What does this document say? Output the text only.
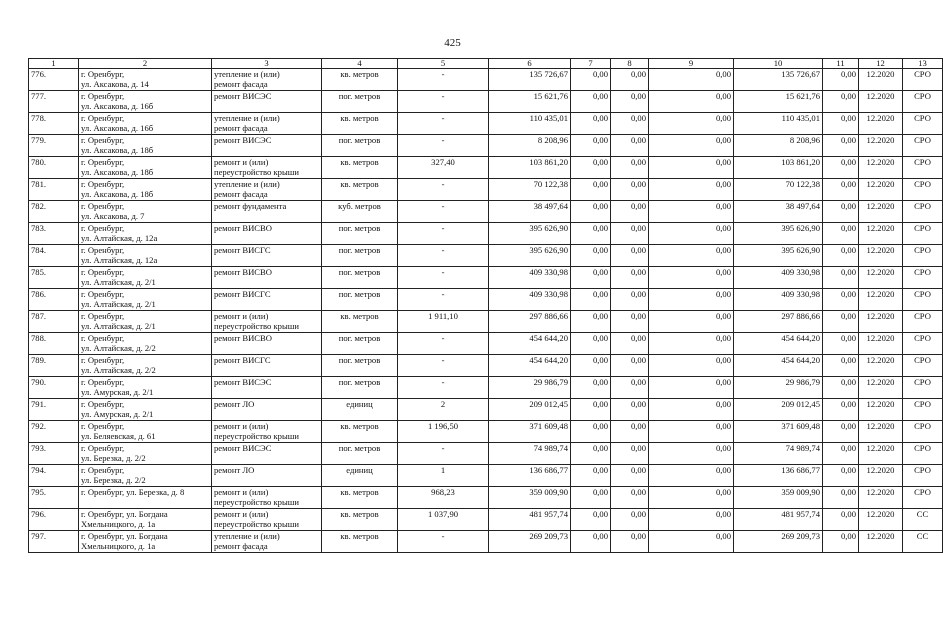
425
1	2	3	4	5	6	7	8	9	10	11	12	13
776.	г. Оренбург,
ул. Аксакова, д. 14	утепление и (или)
ремонт фасада	кв. метров	-	135 726,67	0,00	0,00	0,00	135 726,67	0,00	12.2020	СРО
777.	г. Оренбург,
ул. Аксакова, д. 16б	ремонт ВИСЭС	пог. метров	-	15 621,76	0,00	0,00	0,00	15 621,76	0,00	12.2020	СРО
778.	г. Оренбург,
ул. Аксакова, д. 16б	утепление и (или)
ремонт фасада	кв. метров	-	110 435,01	0,00	0,00	0,00	110 435,01	0,00	12.2020	СРО
779.	г. Оренбург,
ул. Аксакова, д. 18б	ремонт ВИСЭС	пог. метров	-	8 208,96	0,00	0,00	0,00	8 208,96	0,00	12.2020	СРО
780.	г. Оренбург,
ул. Аксакова, д. 18б	ремонт и (или)
переустройство крыши	кв. метров	327,40	103 861,20	0,00	0,00	0,00	103 861,20	0,00	12.2020	СРО
781.	г. Оренбург,
ул. Аксакова, д. 18б	утепление и (или)
ремонт фасада	кв. метров	-	70 122,38	0,00	0,00	0,00	70 122,38	0,00	12.2020	СРО
782.	г. Оренбург,
ул. Аксакова, д. 7	ремонт фундамента	куб. метров	-	38 497,64	0,00	0,00	0,00	38 497,64	0,00	12.2020	СРО
783.	г. Оренбург,
ул. Алтайская, д. 12а	ремонт ВИСВО	пог. метров	-	395 626,90	0,00	0,00	0,00	395 626,90	0,00	12.2020	СРО
784.	г. Оренбург,
ул. Алтайская, д. 12а	ремонт ВИСГС	пог. метров	-	395 626,90	0,00	0,00	0,00	395 626,90	0,00	12.2020	СРО
785.	г. Оренбург,
ул. Алтайская, д. 2/1	ремонт ВИСВО	пог. метров	-	409 330,98	0,00	0,00	0,00	409 330,98	0,00	12.2020	СРО
786.	г. Оренбург,
ул. Алтайская, д. 2/1	ремонт ВИСГС	пог. метров	-	409 330,98	0,00	0,00	0,00	409 330,98	0,00	12.2020	СРО
787.	г. Оренбург,
ул. Алтайская, д. 2/1	ремонт и (или)
переустройство крыши	кв. метров	1 911,10	297 886,66	0,00	0,00	0,00	297 886,66	0,00	12.2020	СРО
788.	г. Оренбург,
ул. Алтайская, д. 2/2	ремонт ВИСВО	пог. метров	-	454 644,20	0,00	0,00	0,00	454 644,20	0,00	12.2020	СРО
789.	г. Оренбург,
ул. Алтайская, д. 2/2	ремонт ВИСГС	пог. метров	-	454 644,20	0,00	0,00	0,00	454 644,20	0,00	12.2020	СРО
790.	г. Оренбург,
ул. Амурская, д. 2/1	ремонт ВИСЭС	пог. метров	-	29 986,79	0,00	0,00	0,00	29 986,79	0,00	12.2020	СРО
791.	г. Оренбург,
ул. Амурская, д. 2/1	ремонт ЛО	единиц	2	209 012,45	0,00	0,00	0,00	209 012,45	0,00	12.2020	СРО
792.	г. Оренбург,
ул. Беляевская, д. 61	ремонт и (или)
переустройство крыши	кв. метров	1 196,50	371 609,48	0,00	0,00	0,00	371 609,48	0,00	12.2020	СРО
793.	г. Оренбург,
ул. Березка, д. 2/2	ремонт ВИСЭС	пог. метров	-	74 989,74	0,00	0,00	0,00	74 989,74	0,00	12.2020	СРО
794.	г. Оренбург,
ул. Березка, д. 2/2	ремонт ЛО	единиц	1	136 686,77	0,00	0,00	0,00	136 686,77	0,00	12.2020	СРО
795.	г. Оренбург, ул. Березка, д. 8	ремонт и (или)
переустройство крыши	кв. метров	968,23	359 009,90	0,00	0,00	0,00	359 009,90	0,00	12.2020	СРО
796.	г. Оренбург, ул. Богдана
Хмельницкого, д. 1а	ремонт и (или)
переустройство крыши	кв. метров	1 037,90	481 957,74	0,00	0,00	0,00	481 957,74	0,00	12.2020	СС
797.	г. Оренбург, ул. Богдана
Хмельницкого, д. 1а	утепление и (или)
ремонт фасада	кв. метров	-	269 209,73	0,00	0,00	0,00	269 209,73	0,00	12.2020	СС
